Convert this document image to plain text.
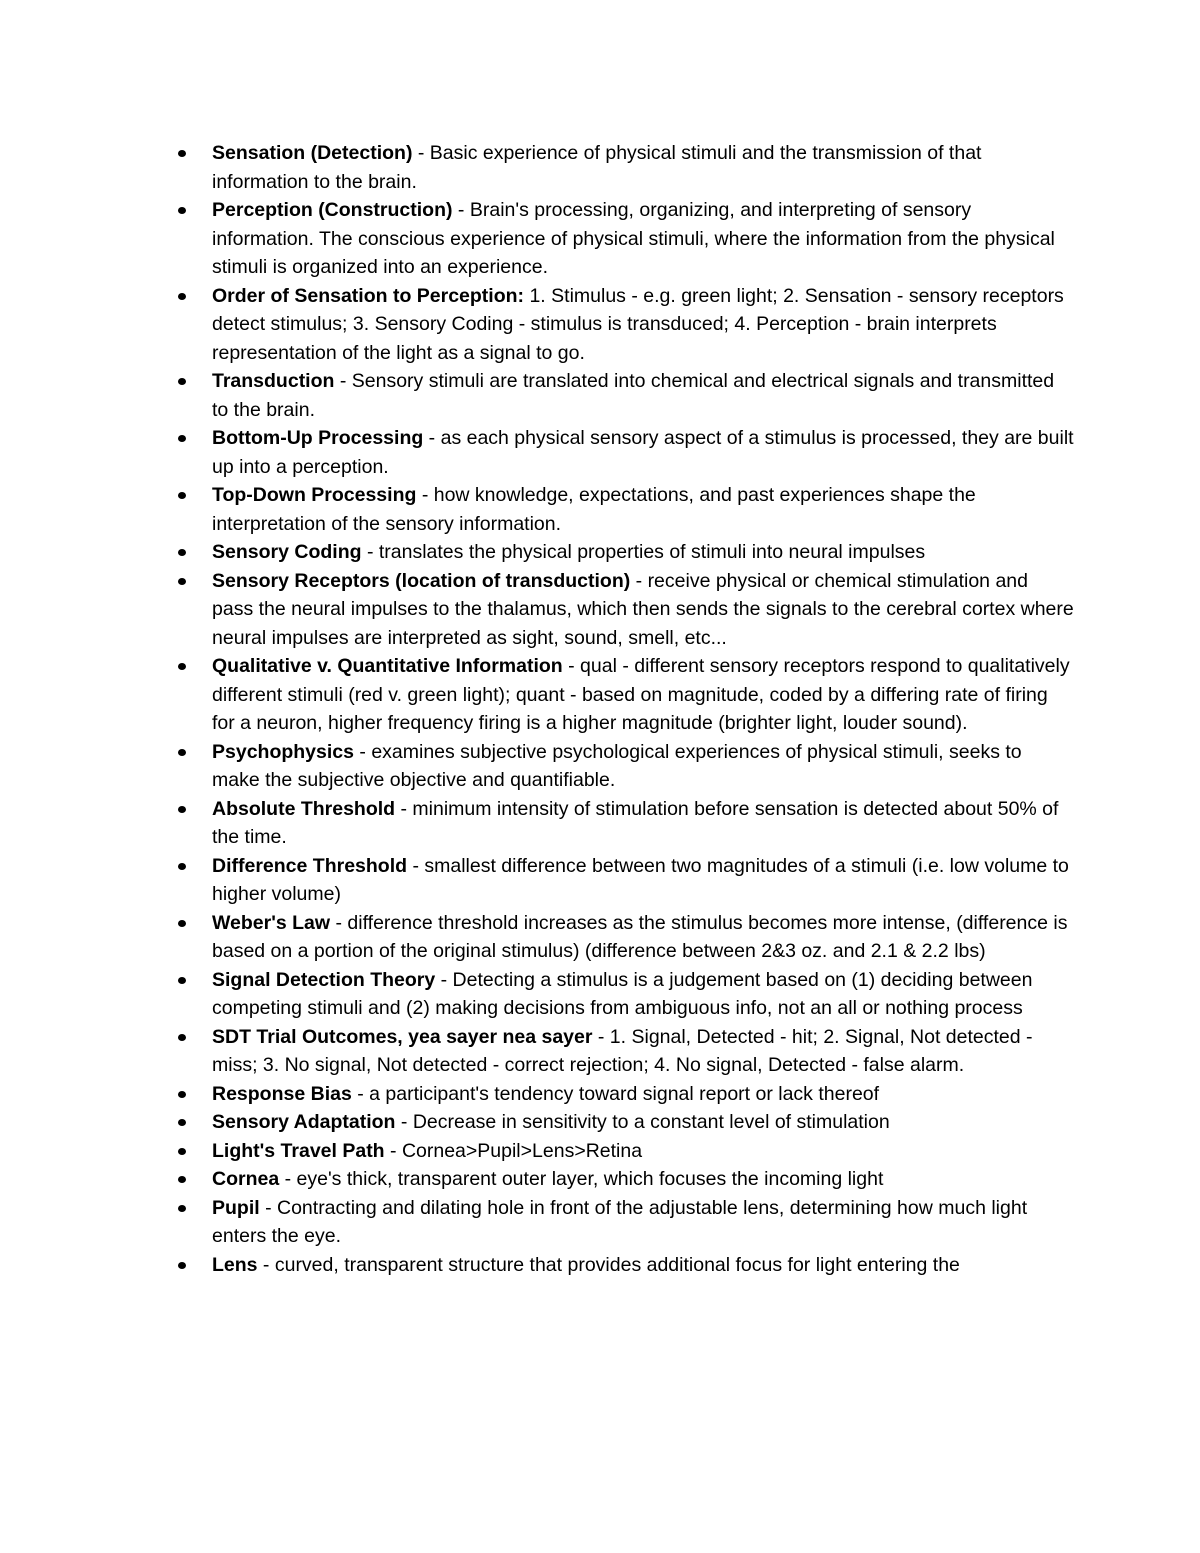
Sensation (Detection) - Basic experience of physical stimuli and the transmission of that information to the brain.
Perception (Construction) - Brain's processing, organizing, and interpreting of sensory information. The conscious experience of physical stimuli, where the information from the physical stimuli is organized into an experience.
Order of Sensation to Perception: 1. Stimulus - e.g. green light; 2. Sensation - sensory receptors detect stimulus; 3. Sensory Coding - stimulus is transduced; 4. Perception - brain interprets representation of the light as a signal to go.
Transduction - Sensory stimuli are translated into chemical and electrical signals and transmitted to the brain.
Bottom-Up Processing - as each physical sensory aspect of a stimulus is processed, they are built up into a perception.
Top-Down Processing - how knowledge, expectations, and past experiences shape the interpretation of the sensory information.
Sensory Coding - translates the physical properties of stimuli into neural impulses
Sensory Receptors (location of transduction) - receive physical or chemical stimulation and pass the neural impulses to the thalamus, which then sends the signals to the cerebral cortex where neural impulses are interpreted as sight, sound, smell, etc...
Qualitative v. Quantitative Information - qual - different sensory receptors respond to qualitatively different stimuli (red v. green light); quant - based on magnitude, coded by a differing rate of firing for a neuron, higher frequency firing is a higher magnitude (brighter light, louder sound).
Psychophysics - examines subjective psychological experiences of physical stimuli, seeks to make the subjective objective and quantifiable.
Absolute Threshold - minimum intensity of stimulation before sensation is detected about 50% of the time.
Difference Threshold - smallest difference between two magnitudes of a stimuli (i.e. low volume to higher volume)
Weber's Law - difference threshold increases as the stimulus becomes more intense, (difference is based on a portion of the original stimulus) (difference between 2&3 oz. and 2.1 & 2.2 lbs)
Signal Detection Theory - Detecting a stimulus is a judgement based on (1) deciding between competing stimuli and (2) making decisions from ambiguous info, not an all or nothing process
SDT Trial Outcomes, yea sayer nea sayer - 1. Signal, Detected - hit; 2. Signal, Not detected - miss; 3. No signal, Not detected - correct rejection; 4. No signal, Detected - false alarm.
Response Bias - a participant's tendency toward signal report or lack thereof
Sensory Adaptation - Decrease in sensitivity to a constant level of stimulation
Light's Travel Path - Cornea>Pupil>Lens>Retina
Cornea - eye's thick, transparent outer layer, which focuses the incoming light
Pupil - Contracting and dilating hole in front of the adjustable lens, determining how much light enters the eye.
Lens - curved, transparent structure that provides additional focus for light entering the
